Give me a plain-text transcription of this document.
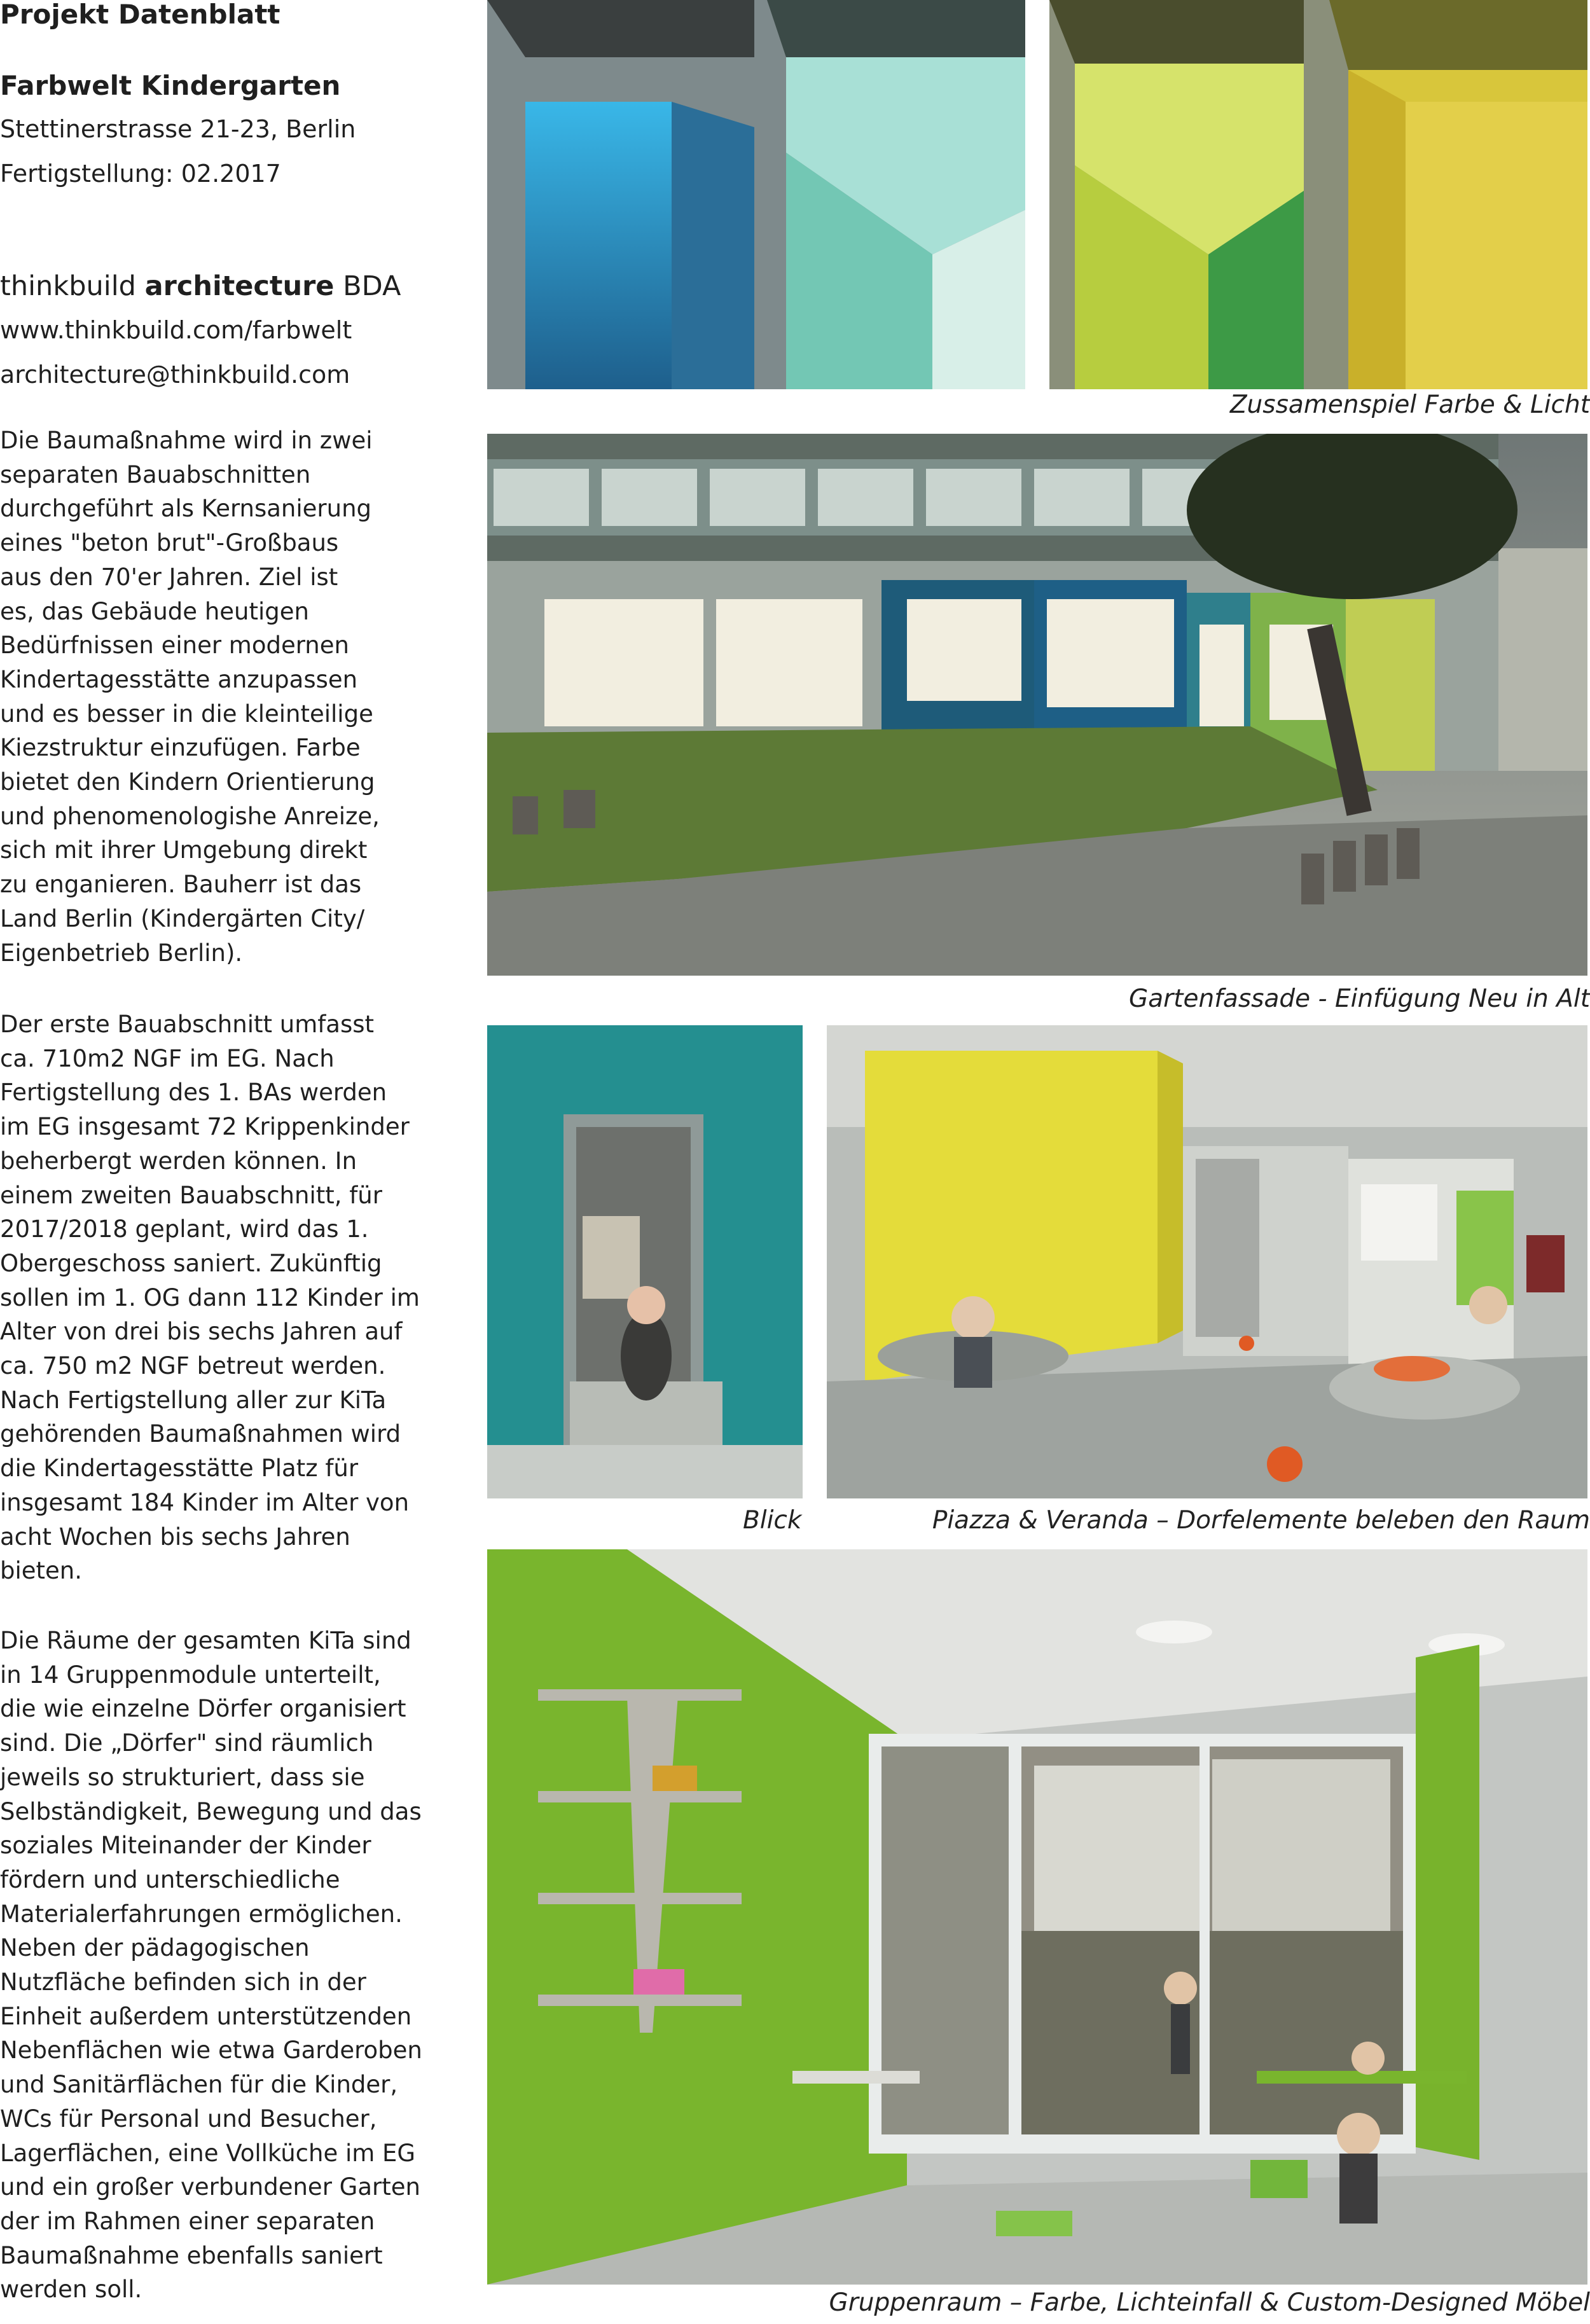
Projekt Datenblatt
Farbwelt Kindergarten
Stettinerstrasse 21-23, Berlin
Fertigstellung: 02.2017
thinkbuild architecture BDA
www.thinkbuild.com/farbwelt
architecture@thinkbuild.com

Die Baumaßnahme wird in zwei
separaten Bauabschnitten
durchgeführt als Kernsanierung
eines "beton brut"-Großbaus
aus den 70'er Jahren. Ziel ist
es, das Gebäude heutigen
Bedürfnissen einer modernen
Kindertagesstätte anzupassen
und es besser in die kleinteilige
Kiezstruktur einzufügen. Farbe
bietet den Kindern Orientierung
und phenomenologishe Anreize,
sich mit ihrer Umgebung direkt
zu enganieren. Bauherr ist das
Land Berlin (Kindergärten City/
Eigenbetrieb Berlin).

Der erste Bauabschnitt umfasst
ca. 710m2 NGF im EG. Nach
Fertigstellung des 1. BAs werden
im EG insgesamt 72 Krippenkinder
beherbergt werden können. In
einem zweiten Bauabschnitt, für
2017/2018 geplant, wird das 1.
Obergeschoss saniert. Zukünftig
sollen im 1. OG dann 112 Kinder im
Alter von drei bis sechs Jahren auf
ca. 750 m2 NGF betreut werden.
Nach Fertigstellung aller zur KiTa
gehörenden Baumaßnahmen wird
die Kindertagesstätte Platz für
insgesamt 184 Kinder im Alter von
acht Wochen bis sechs Jahren
bieten.

Die Räume der gesamten KiTa sind
in 14 Gruppenmodule unterteilt,
die wie einzelne Dörfer organisiert
sind. Die „Dörfer" sind räumlich
jeweils so strukturiert, dass sie
Selbständigkeit, Bewegung und das
soziales Miteinander der Kinder
fördern und unterschiedliche
Materialerfahrungen ermöglichen.
Neben der pädagogischen
Nutzfläche befinden sich in der
Einheit außerdem unterstützenden
Nebenflächen wie etwa Garderoben
und Sanitärflächen für die Kinder,
WCs für Personal und Besucher,
Lagerflächen, eine Vollküche im EG
und ein großer verbundener Garten
der im Rahmen einer separaten
Baumaßnahme ebenfalls saniert
werden soll.

Zussamenspiel Farbe & Licht
Gartenfassade - Einfügung Neu in Alt
Blick	Piazza & Veranda – Dorfelemente beleben den Raum
Gruppenraum – Farbe, Lichteinfall & Custom-Designed Möbel
